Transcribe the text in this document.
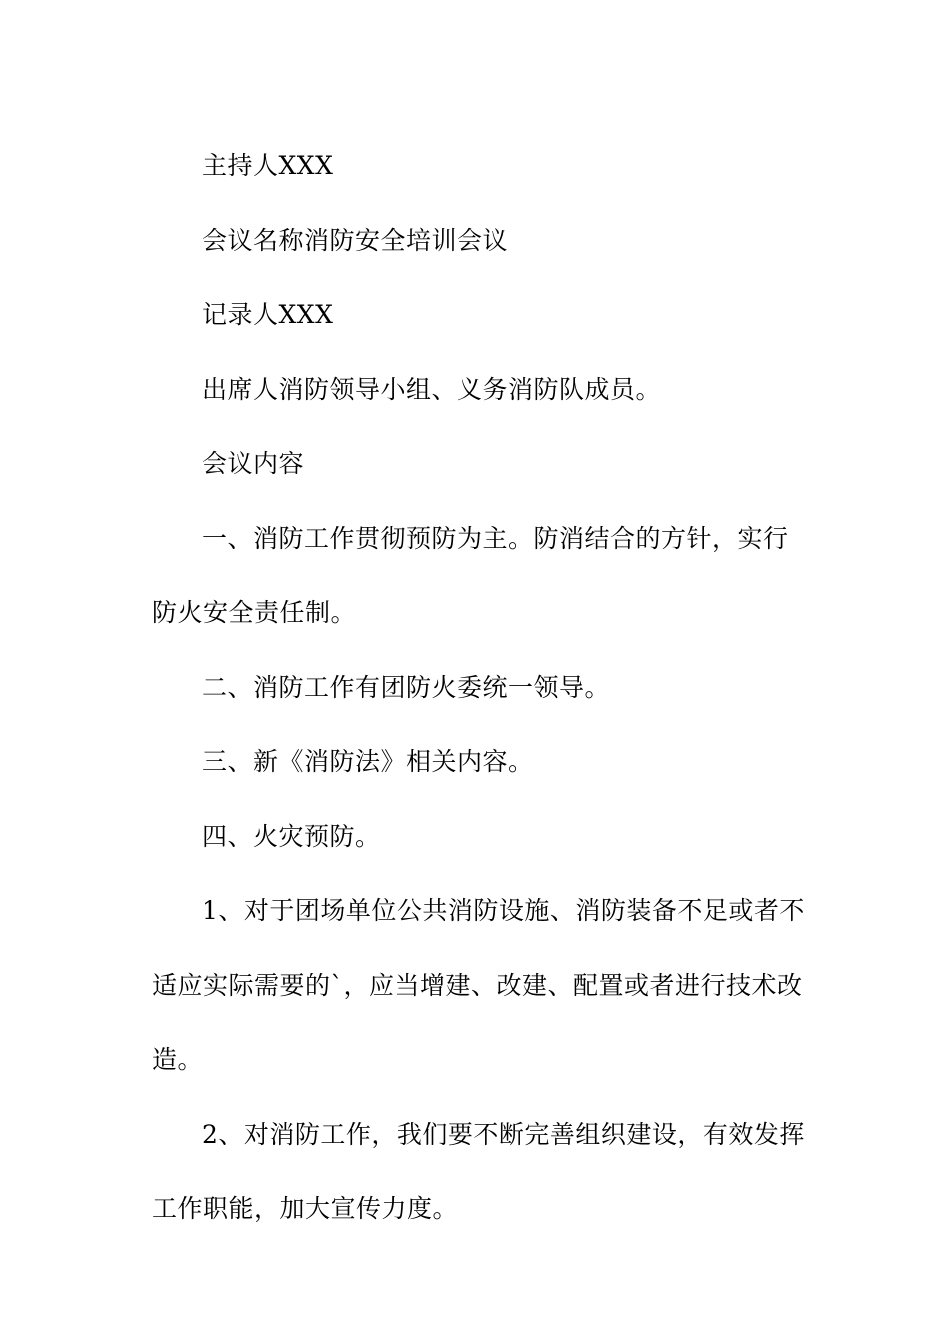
主持人XXX

会议名称消防安全培训会议

记录人XXX

出席人消防领导小组、义务消防队成员。

会议内容

一、消防工作贯彻预防为主。防消结合的方针，实行防火安全责任制。

二、消防工作有团防火委统一领导。

三、新《消防法》相关内容。

四、火灾预防。

1、对于团场单位公共消防设施、消防装备不足或者不适应实际需要的`，应当增建、改建、配置或者进行技术改造。

2、对消防工作，我们要不断完善组织建设，有效发挥工作职能，加大宣传力度。
